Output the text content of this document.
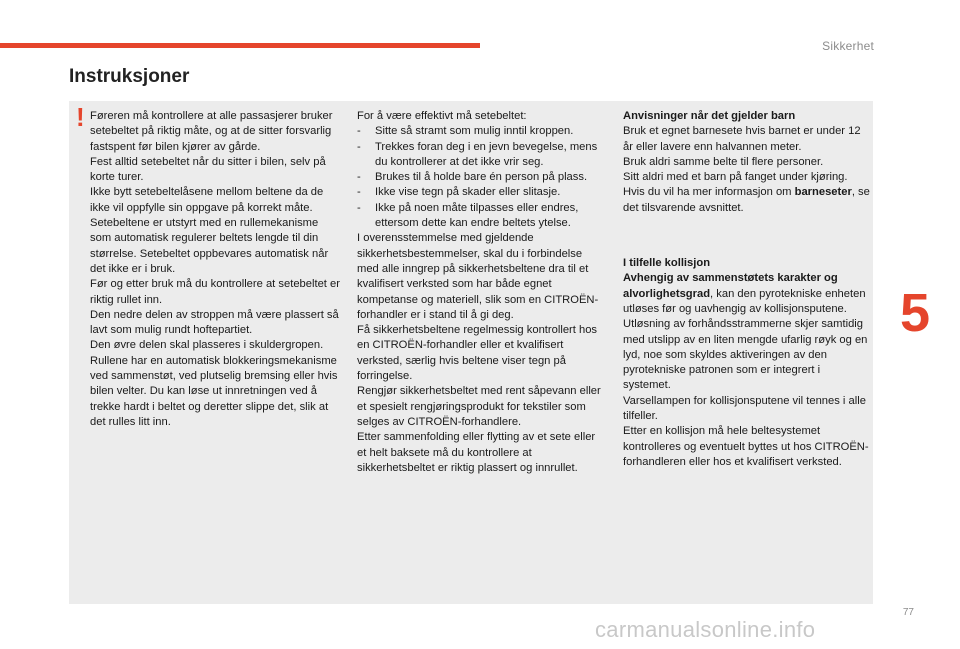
Sikkerhet
Instruksjoner
! Føreren må kontrollere at alle passasjerer bruker setebeltet på riktig måte, og at de sitter forsvarlig fastspent før bilen kjører av gårde.

Fest alltid setebeltet når du sitter i bilen, selv på korte turer.

Ikke bytt setebeltelåsene mellom beltene da de ikke vil oppfylle sin oppgave på korrekt måte.

Setebeltene er utstyrt med en rullemekanisme som automatisk regulerer beltets lengde til din størrelse. Setebeltet oppbevares automatisk når det ikke er i bruk.

Før og etter bruk må du kontrollere at setebeltet er riktig rullet inn.

Den nedre delen av stroppen må være plassert så lavt som mulig rundt hoftepartiet.

Den øvre delen skal plasseres i skuldergropen.

Rullene har en automatisk blokkeringsmekanisme ved sammenstøt, ved plutselig bremsing eller hvis bilen velter. Du kan løse ut innretningen ved å trekke hardt i beltet og deretter slippe det, slik at det rulles litt inn.

For å være effektivt må setebeltet:

-	Sitte så stramt som mulig inntil kroppen.
-	Trekkes foran deg i en jevn bevegelse, mens du kontrollerer at det ikke vrir seg.
-	Brukes til å holde bare én person på plass.
-	Ikke vise tegn på skader eller slitasje.
-	Ikke på noen måte tilpasses eller endres, ettersom dette kan endre beltets ytelse.

I overensstemmelse med gjeldende sikkerhetsbestemmelser, skal du i forbindelse med alle inngrep på sikkerhetsbeltene dra til et kvalifisert verksted som har både egnet kompetanse og materiell, slik som en CITROËN-forhandler er i stand til å gi deg.

Få sikkerhetsbeltene regelmessig kontrollert hos en CITROËN-forhandler eller et kvalifisert verksted, særlig hvis beltene viser tegn på forringelse.

Rengjør sikkerhetsbeltet med rent såpevann eller et spesielt rengjøringsprodukt for tekstiler som selges av CITROËN-forhandlere.

Etter sammenfolding eller flytting av et sete eller et helt baksete må du kontrollere at sikkerhetsbeltet er riktig plassert og innrullet.

Anvisninger når det gjelder barn

Bruk et egnet barnesete hvis barnet er under 12 år eller lavere enn halvannen meter.

Bruk aldri samme belte til flere personer.

Sitt aldri med et barn på fanget under kjøring.

Hvis du vil ha mer informasjon om barneseter, se det tilsvarende avsnittet.

I tilfelle kollisjon

Avhengig av sammenstøtets karakter og alvorlighetsgrad, kan den pyrotekniske enheten utløses før og uavhengig av kollisjonsputene. Utløsning av forhåndsstrammerne skjer samtidig med utslipp av en liten mengde ufarlig røyk og en lyd, noe som skyldes aktiveringen av den pyrotekniske patronen som er integrert i systemet.

Varsellampen for kollisjonsputene vil tennes i alle tilfeller.

Etter en kollisjon må hele beltesystemet kontrolleres og eventuelt byttes ut hos CITROËN-forhandleren eller hos et kvalifisert verksted.

5
77
carmanualsonline.info
